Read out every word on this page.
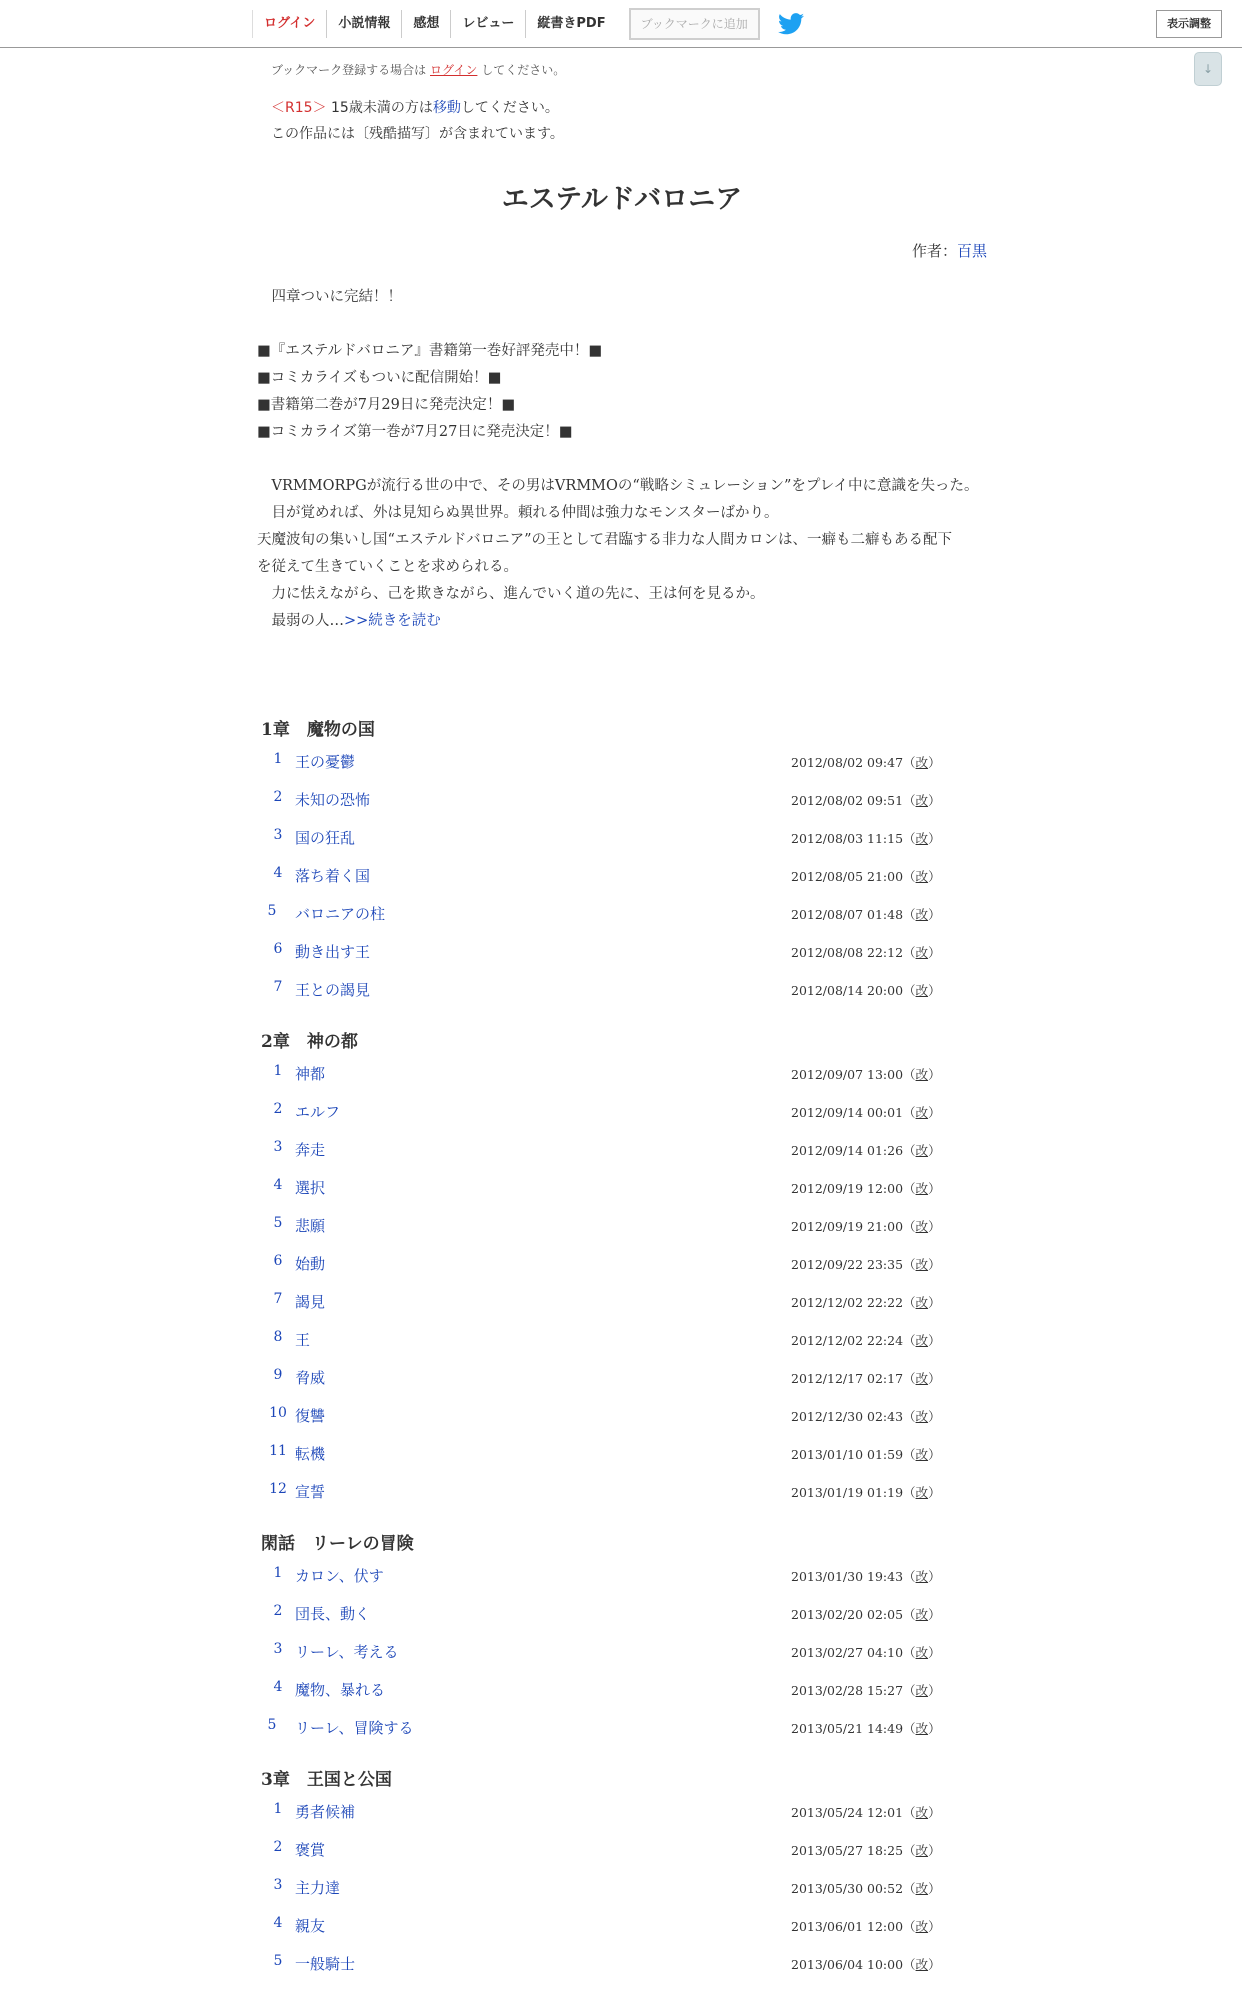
ログイン	小説情報	感想	レビュー	縦書きPDF	ブックマークに追加	表示調整
↓
ブックマーク登録する場合は ログイン してください。
＜R15＞ 15歳未満の方は移動してください。
この作品には〔残酷描写〕が含まれています。
エステルドバロニア
作者：百黒
　四章ついに完結！！
■『エステルドバロニア』書籍第一巻好評発売中！■
■コミカライズもついに配信開始！■
■書籍第二巻が7月29日に発売決定！■
■コミカライズ第一巻が7月27日に発売決定！■
　VRMMORPGが流行る世の中で、その男はVRMMOの“戦略シミュレーション”をプレイ中に意識を失った。
　目が覚めれば、外は見知らぬ異世界。頼れる仲間は強力なモンスターばかり。
天魔波旬の集いし国“エステルドバロニア”の王として君臨する非力な人間カロンは、一癖も二癖もある配下
を従えて生きていくことを求められる。
　力に怯えながら、己を欺きながら、進んでいく道の先に、王は何を見るか。
　最弱の人…>>続きを読む
1章　魔物の国
1 王の憂鬱	2012/08/02 09:47（改）
2 未知の恐怖	2012/08/02 09:51（改）
3 国の狂乱	2012/08/03 11:15（改）
4 落ち着く国	2012/08/05 21:00（改）
5	バロニアの柱	2012/08/07 01:48（改）
6 動き出す王	2012/08/08 22:12（改）
7 王との謁見	2012/08/14 20:00（改）
2章　神の都
1 神都	2012/09/07 13:00（改）
2 エルフ	2012/09/14 00:01（改）
3 奔走	2012/09/14 01:26（改）
4 選択	2012/09/19 12:00（改）
5 悲願	2012/09/19 21:00（改）
6 始動	2012/09/22 23:35（改）
7 謁見	2012/12/02 22:22（改）
8 王	2012/12/02 22:24（改）
9 脅威	2012/12/17 02:17（改）
10 復讐	2012/12/30 02:43（改）
11 転機	2013/01/10 01:59（改）
12 宣誓	2013/01/19 01:19（改）
閑話　リーレの冒険
1 カロン、伏す	2013/01/30 19:43（改）
2 団長、動く	2013/02/20 02:05（改）
3 リーレ、考える	2013/02/27 04:10（改）
4 魔物、暴れる	2013/02/28 15:27（改）
5	リーレ、冒険する	2013/05/21 14:49（改）
3章　王国と公国
1 勇者候補	2013/05/24 12:01（改）
2 褒賞	2013/05/27 18:25（改）
3 主力達	2013/05/30 00:52（改）
4 親友	2013/06/01 12:00（改）
5 一般騎士	2013/06/04 10:00（改）
